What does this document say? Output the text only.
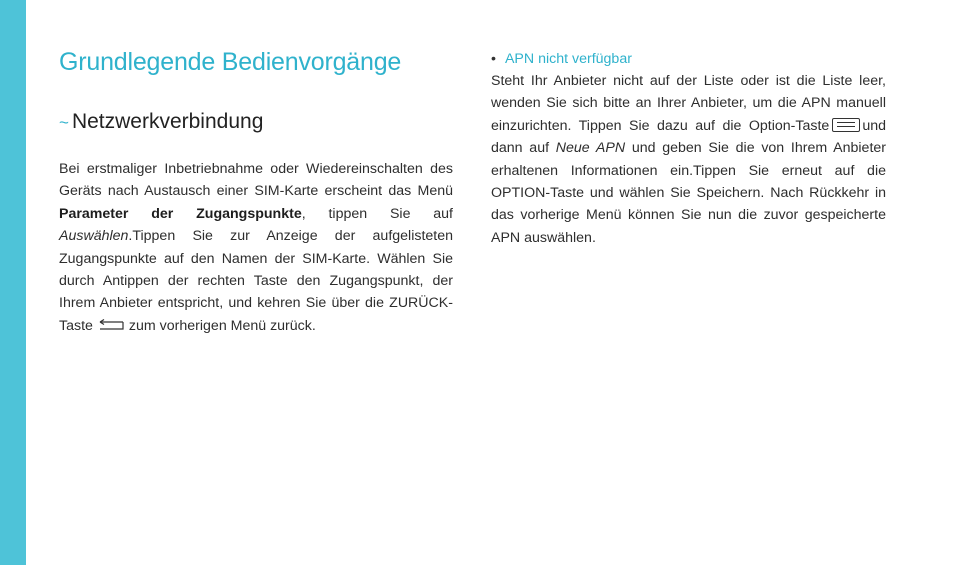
Grundlegende Bedienvorgänge
~ Netzwerkverbindung
Bei erstmaliger Inbetriebnahme oder Wiedereinschalten des Geräts nach Austausch einer SIM-Karte erscheint das Menü Parameter der Zugangspunkte, tippen Sie auf Auswählen.Tippen Sie zur Anzeige der aufgelisteten Zugangspunkte auf den Namen der SIM-Karte. Wählen Sie durch Antippen der rechten Taste den Zugangspunkt, der Ihrem Anbieter entspricht, und kehren Sie über die ZURÜCK-Taste	zum vorherigen Menü zurück.
• APN nicht verfügbar
Steht Ihr Anbieter nicht auf der Liste oder ist die Liste leer, wenden Sie sich bitte an Ihrer Anbieter, um die APN manuell einzurichten. Tippen Sie dazu auf die Option-Taste und dann auf Neue APN und geben Sie die von Ihrem Anbieter erhaltenen Informationen ein.Tippen Sie erneut auf die OPTION-Taste und wählen Sie Speichern. Nach Rückkehr in das vorherige Menü können Sie nun die zuvor gespeicherte APN auswählen.
